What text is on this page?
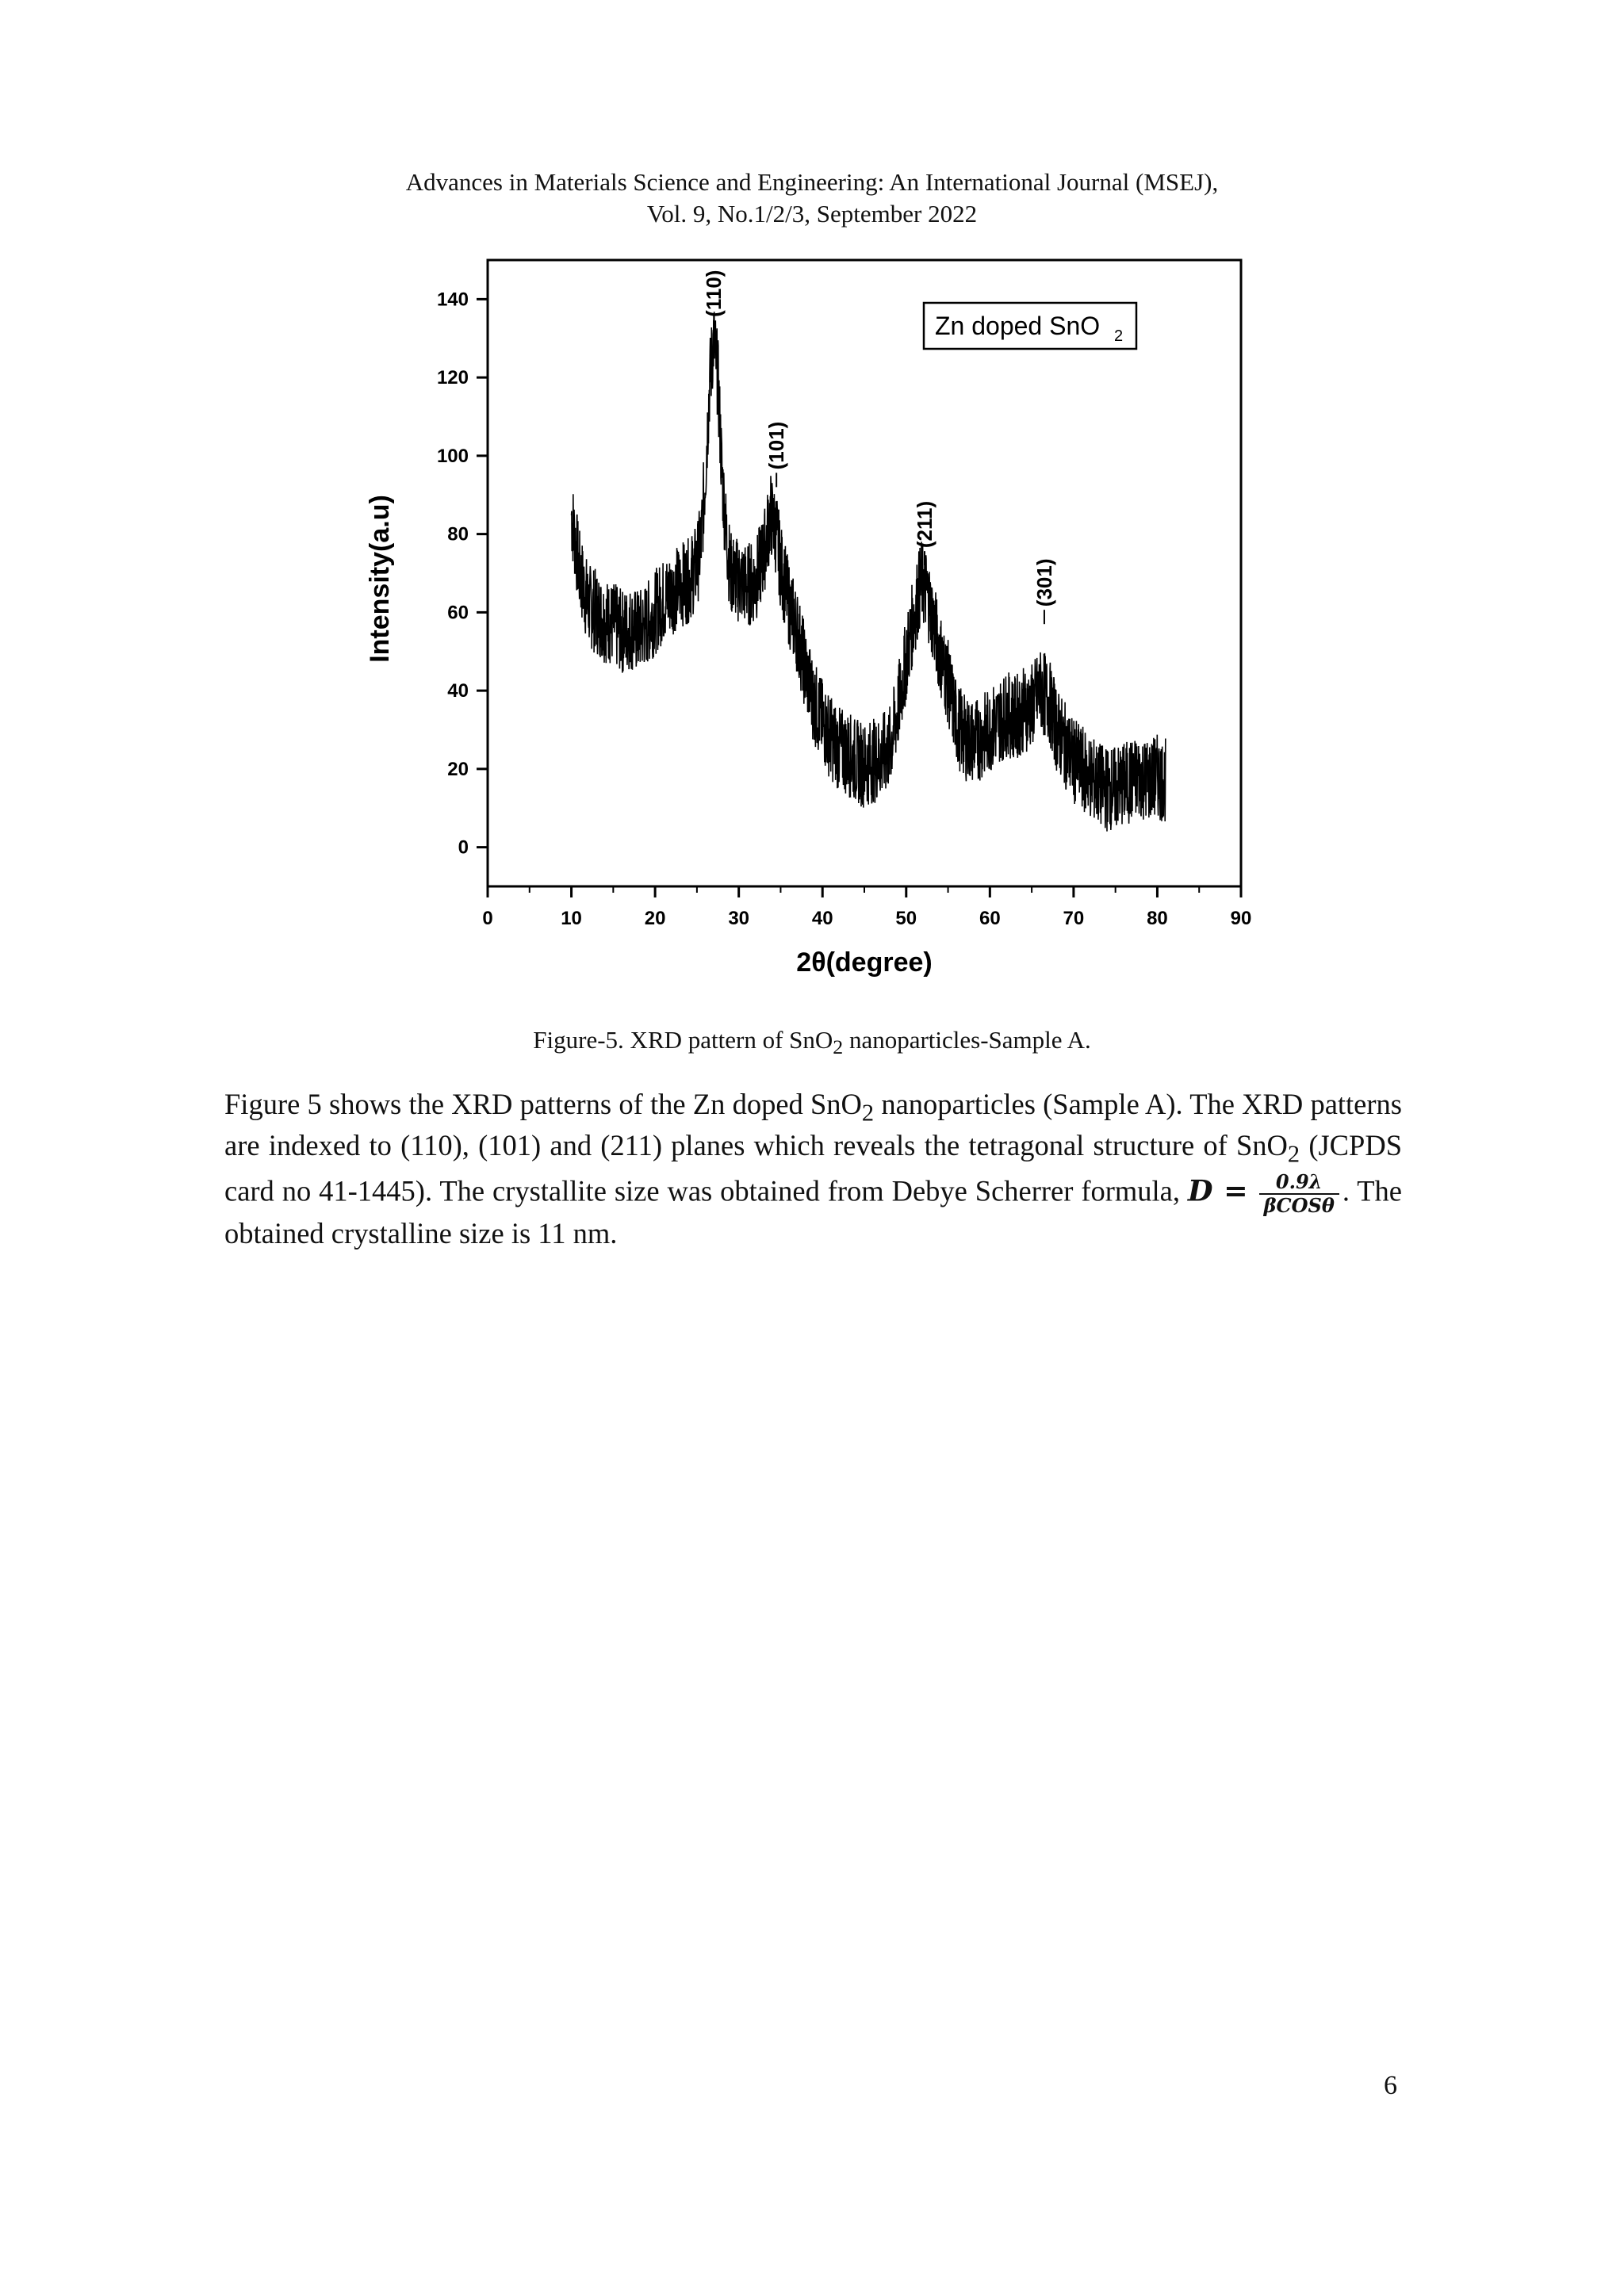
Advances in Materials Science and Engineering: An International Journal (MSEJ),
Vol. 9, No.1/2/3, September 2022
0	10	20	30	40	50	60	70	80	90
0
20
40
60
80
100
120
140	(110)
(101)
(211)
(301)
Zn doped SnO 2
2θ(degree)
Intensity(a.u)
Figure-5. XRD pattern of SnO$_2$ nanoparticles-Sample A.

Figure 5 shows the XRD patterns of the Zn doped SnO$_2$ nanoparticles (Sample A). The XRD patterns are indexed to (110), (101) and (211) planes which reveals the tetragonal structure of SnO$_2$ (JCPDS card no 41-1445). The crystallite size was obtained from Debye Scherrer formula, $D = \frac{0.9\lambda}{\text{βCOSθ}}$ . The obtained crystalline size is 11 nm.

6
